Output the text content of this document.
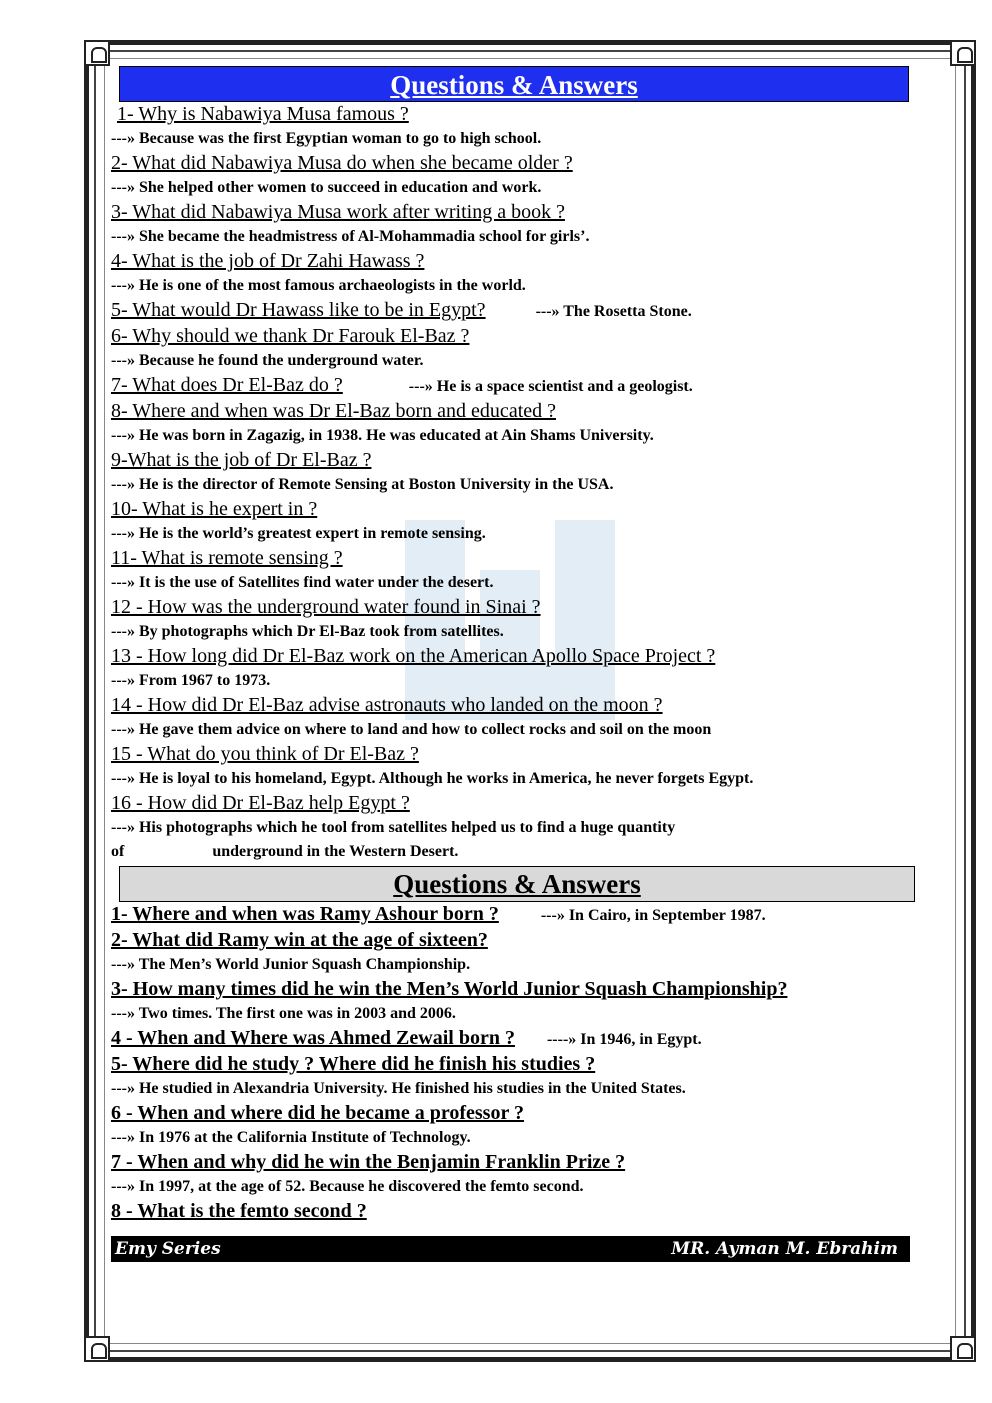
Questions & Answers
1- Why is Nabawiya Musa famous ?
---» Because was the first Egyptian woman to go to high school.
2- What did Nabawiya Musa do when she became older ?
---» She helped other women to succeed in education and work.
3- What did Nabawiya Musa work after writing a book ?
---» She became the headmistress of Al-Mohammadia school for girls’.
4- What is the job of Dr Zahi Hawass ?
---» He is one of the most famous archaeologists in the world.
5- What would Dr Hawass like to be in Egypt?	---» The Rosetta Stone.
6- Why should we thank Dr Farouk El-Baz ?
---» Because he found the underground water.
7- What does Dr El-Baz do ?	---» He is a space scientist and a geologist.
8- Where and when was Dr El-Baz born and educated ?
---» He was born in Zagazig, in 1938. He was educated at Ain Shams University.
9-What is the job of Dr El-Baz ?
---» He is the director of Remote Sensing at Boston University in the USA.
10- What is he expert in ?
---» He is the world’s greatest expert in remote sensing.
11- What is remote sensing ?
---» It is the use of Satellites find water under the desert.
12 - How was the underground water found in Sinai ?
---» By photographs which Dr El-Baz took from satellites.
13 - How long did Dr El-Baz work on the American Apollo Space Project ?
---» From 1967 to 1973.
14 - How did Dr El-Baz advise astronauts who landed on the moon ?
---» He gave them advice on where to land and how to collect rocks and soil on the moon
15 - What do you think of Dr El-Baz ?
---» He is loyal to his homeland, Egypt. Although he works in America, he never forgets Egypt.
16 - How did Dr El-Baz help Egypt ?
---» His photographs which he tool from satellites helped us to find a huge quantity
of	underground in the Western Desert.
Questions & Answers
1- Where and when was Ramy Ashour born ?	---» In Cairo, in September 1987.
2- What did Ramy win at the age of sixteen?
---» The Men’s World Junior Squash Championship.
3- How many times did he win the Men’s World Junior Squash Championship?
---» Two times. The first one was in 2003 and 2006.
4 - When and Where was Ahmed Zewail born ? ----» In 1946, in Egypt.
5- Where did he study ? Where did he finish his studies ?
---» He studied in Alexandria University. He finished his studies in the United States.
6 - When and where did he became a professor ?
---» In 1976 at the California Institute of Technology.
7 - When and why did he win the Benjamin Franklin Prize ?
---» In 1997, at the age of 52. Because he discovered the femto second.
8 - What is the femto second ?
Emy Series	MR. Ayman M. Ebrahim
